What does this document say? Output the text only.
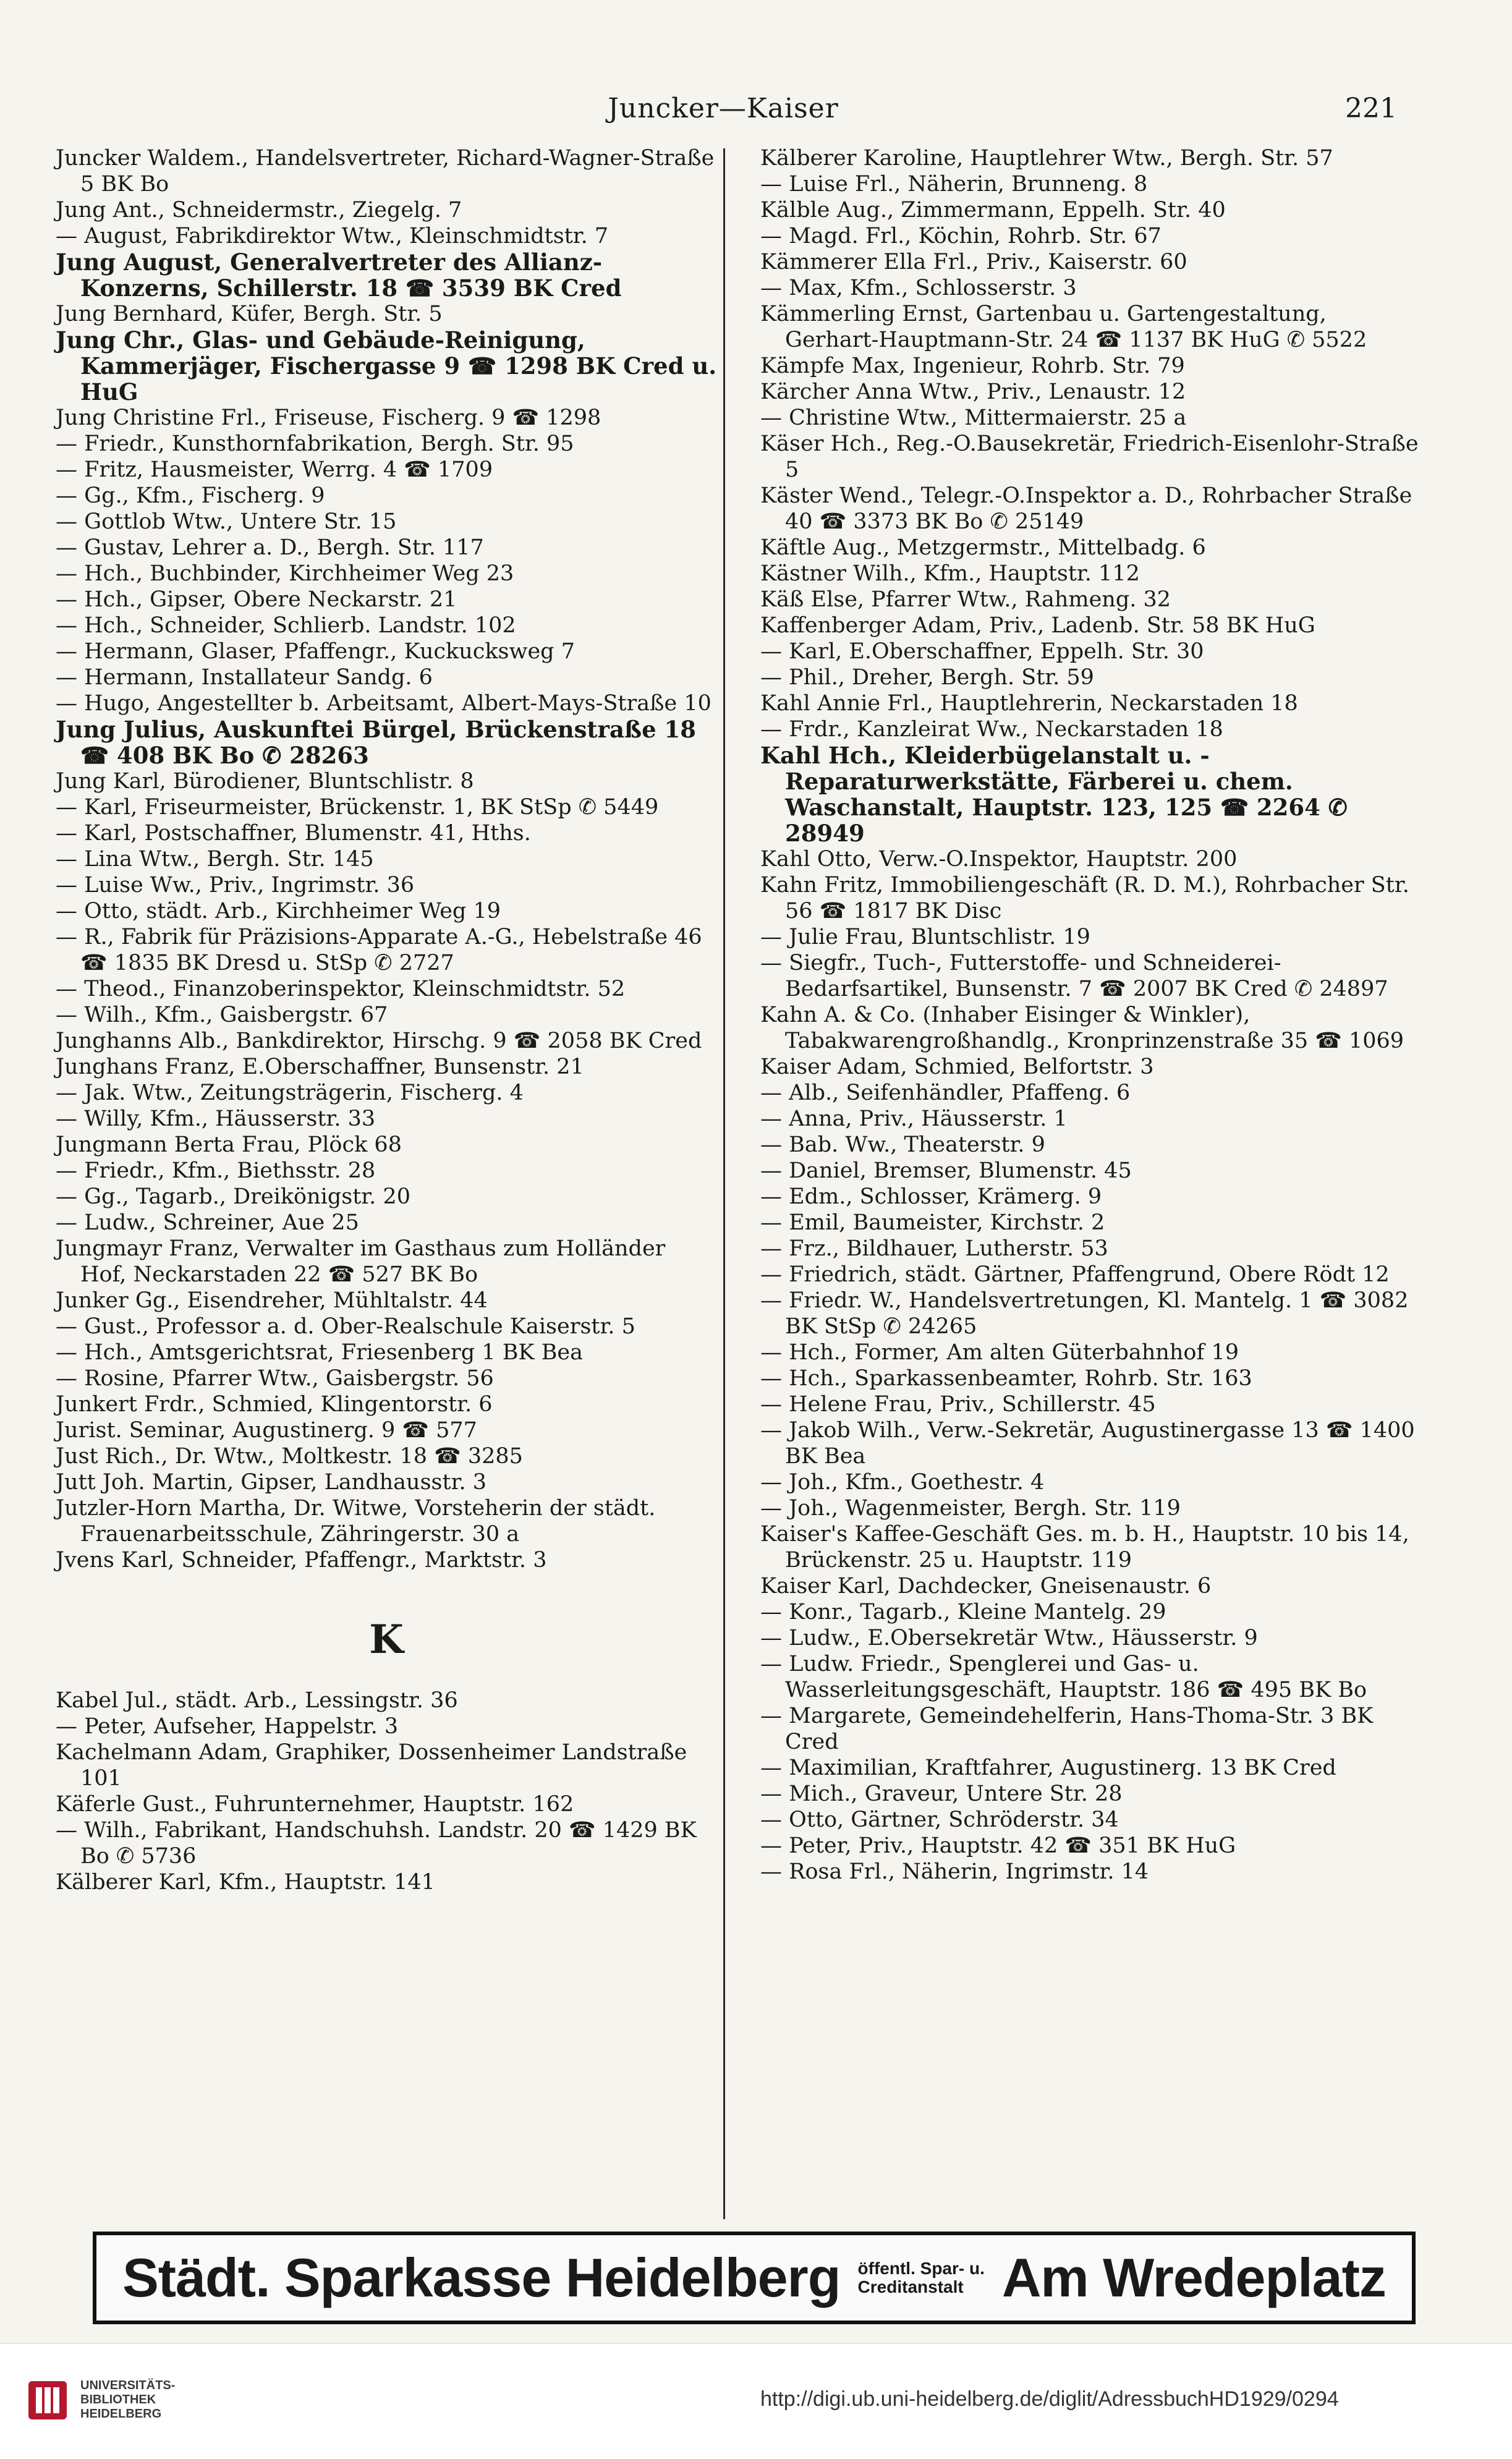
Juncker—Kaiser	221

Juncker Waldem., Handelsvertreter, Richard-Wagner-Straße 5 BK Bo

Jung Ant., Schneidermstr., Ziegelg. 7

— August, Fabrikdirektor Wtw., Kleinschmidtstr. 7

Jung August, Generalvertreter des Allianz-Konzerns, Schillerstr. 18 ☎ 3539 BK Cred

Jung Bernhard, Küfer, Bergh. Str. 5

Jung Chr., Glas- und Gebäude-Reinigung, Kammerjäger, Fischergasse 9 ☎ 1298 BK Cred u. HuG

Jung Christine Frl., Friseuse, Fischerg. 9 ☎ 1298

— Friedr., Kunsthornfabrikation, Bergh. Str. 95

— Fritz, Hausmeister, Werrg. 4 ☎ 1709

— Gg., Kfm., Fischerg. 9

— Gottlob Wtw., Untere Str. 15

— Gustav, Lehrer a. D., Bergh. Str. 117

— Hch., Buchbinder, Kirchheimer Weg 23

— Hch., Gipser, Obere Neckarstr. 21

— Hch., Schneider, Schlierb. Landstr. 102

— Hermann, Glaser, Pfaffengr., Kuckucksweg 7

— Hermann, Installateur Sandg. 6

— Hugo, Angestellter b. Arbeitsamt, Albert-Mays-Straße 10

Jung Julius, Auskunftei Bürgel, Brückenstraße 18 ☎ 408 BK Bo ✆ 28263

Jung Karl, Bürodiener, Bluntschlistr. 8

— Karl, Friseurmeister, Brückenstr. 1, BK StSp ✆ 5449

— Karl, Postschaffner, Blumenstr. 41, Hths.

— Lina Wtw., Bergh. Str. 145

— Luise Ww., Priv., Ingrimstr. 36

— Otto, städt. Arb., Kirchheimer Weg 19

— R., Fabrik für Präzisions-Apparate A.-G., Hebelstraße 46 ☎ 1835 BK Dresd u. StSp ✆ 2727

— Theod., Finanzoberinspektor, Kleinschmidtstr. 52

— Wilh., Kfm., Gaisbergstr. 67

Junghanns Alb., Bankdirektor, Hirschg. 9 ☎ 2058 BK Cred

Junghans Franz, E.Oberschaffner, Bunsenstr. 21

— Jak. Wtw., Zeitungsträgerin, Fischerg. 4

— Willy, Kfm., Häusserstr. 33

Jungmann Berta Frau, Plöck 68

— Friedr., Kfm., Biethsstr. 28

— Gg., Tagarb., Dreikönigstr. 20

— Ludw., Schreiner, Aue 25

Jungmayr Franz, Verwalter im Gasthaus zum Holländer Hof, Neckarstaden 22 ☎ 527 BK Bo

Junker Gg., Eisendreher, Mühltalstr. 44

— Gust., Professor a. d. Ober-Realschule Kaiserstr. 5

— Hch., Amtsgerichtsrat, Friesenberg 1 BK Bea

— Rosine, Pfarrer Wtw., Gaisbergstr. 56

Junkert Frdr., Schmied, Klingentorstr. 6

Jurist. Seminar, Augustinerg. 9 ☎ 577

Just Rich., Dr. Wtw., Moltkestr. 18 ☎ 3285

Jutt Joh. Martin, Gipser, Landhausstr. 3

Jutzler-Horn Martha, Dr. Witwe, Vorsteherin der städt. Frauenarbeitsschule, Zähringerstr. 30 a

Jvens Karl, Schneider, Pfaffengr., Marktstr. 3

K

Kabel Jul., städt. Arb., Lessingstr. 36

— Peter, Aufseher, Happelstr. 3

Kachelmann Adam, Graphiker, Dossenheimer Landstraße 101

Käferle Gust., Fuhrunternehmer, Hauptstr. 162

— Wilh., Fabrikant, Handschuhsh. Landstr. 20 ☎ 1429 BK Bo ✆ 5736

Kälberer Karl, Kfm., Hauptstr. 141

Kälberer Karoline, Hauptlehrer Wtw., Bergh. Str. 57

— Luise Frl., Näherin, Brunneng. 8

Kälble Aug., Zimmermann, Eppelh. Str. 40

— Magd. Frl., Köchin, Rohrb. Str. 67

Kämmerer Ella Frl., Priv., Kaiserstr. 60

— Max, Kfm., Schlosserstr. 3

Kämmerling Ernst, Gartenbau u. Gartengestaltung, Gerhart-Hauptmann-Str. 24 ☎ 1137 BK HuG ✆ 5522

Kämpfe Max, Ingenieur, Rohrb. Str. 79

Kärcher Anna Wtw., Priv., Lenaustr. 12

— Christine Wtw., Mittermaierstr. 25 a

Käser Hch., Reg.-O.Bausekretär, Friedrich-Eisenlohr-Straße 5

Käster Wend., Telegr.-O.Inspektor a. D., Rohrbacher Straße 40 ☎ 3373 BK Bo ✆ 25149

Käftle Aug., Metzgermstr., Mittelbadg. 6

Kästner Wilh., Kfm., Hauptstr. 112

Käß Else, Pfarrer Wtw., Rahmeng. 32

Kaffenberger Adam, Priv., Ladenb. Str. 58 BK HuG

— Karl, E.Oberschaffner, Eppelh. Str. 30

— Phil., Dreher, Bergh. Str. 59

Kahl Annie Frl., Hauptlehrerin, Neckarstaden 18

— Frdr., Kanzleirat Ww., Neckarstaden 18

Kahl Hch., Kleiderbügelanstalt u. -Reparaturwerkstätte, Färberei u. chem. Waschanstalt, Hauptstr. 123, 125 ☎ 2264 ✆ 28949

Kahl Otto, Verw.-O.Inspektor, Hauptstr. 200

Kahn Fritz, Immobiliengeschäft (R. D. M.), Rohrbacher Str. 56 ☎ 1817 BK Disc

— Julie Frau, Bluntschlistr. 19

— Siegfr., Tuch-, Futterstoffe- und Schneiderei-Bedarfsartikel, Bunsenstr. 7 ☎ 2007 BK Cred ✆ 24897

Kahn A. & Co. (Inhaber Eisinger & Winkler), Tabakwarengroßhandlg., Kronprinzenstraße 35 ☎ 1069

Kaiser Adam, Schmied, Belfortstr. 3

— Alb., Seifenhändler, Pfaffeng. 6

— Anna, Priv., Häusserstr. 1

— Bab. Ww., Theaterstr. 9

— Daniel, Bremser, Blumenstr. 45

— Edm., Schlosser, Krämerg. 9

— Emil, Baumeister, Kirchstr. 2

— Frz., Bildhauer, Lutherstr. 53

— Friedrich, städt. Gärtner, Pfaffengrund, Obere Rödt 12

— Friedr. W., Handelsvertretungen, Kl. Mantelg. 1 ☎ 3082 BK StSp ✆ 24265

— Hch., Former, Am alten Güterbahnhof 19

— Hch., Sparkassenbeamter, Rohrb. Str. 163

— Helene Frau, Priv., Schillerstr. 45

— Jakob Wilh., Verw.-Sekretär, Augustinergasse 13 ☎ 1400 BK Bea

— Joh., Kfm., Goethestr. 4

— Joh., Wagenmeister, Bergh. Str. 119

Kaiser's Kaffee-Geschäft Ges. m. b. H., Hauptstr. 10 bis 14, Brückenstr. 25 u. Hauptstr. 119

Kaiser Karl, Dachdecker, Gneisenaustr. 6

— Konr., Tagarb., Kleine Mantelg. 29

— Ludw., E.Obersekretär Wtw., Häusserstr. 9

— Ludw. Friedr., Spenglerei und Gas- u. Wasserleitungsgeschäft, Hauptstr. 186 ☎ 495 BK Bo

— Margarete, Gemeindehelferin, Hans-Thoma-Str. 3 BK Cred

— Maximilian, Kraftfahrer, Augustinerg. 13 BK Cred

— Mich., Graveur, Untere Str. 28

— Otto, Gärtner, Schröderstr. 34

— Peter, Priv., Hauptstr. 42 ☎ 351 BK HuG

— Rosa Frl., Näherin, Ingrimstr. 14

Städt. Sparkasse Heidelberg öffentl. Spar- u.
Creditanstalt Am Wredeplatz
UNIVERSITÄTS-
BIBLIOTHEK
HEIDELBERG
http://digi.ub.uni-heidelberg.de/diglit/AdressbuchHD1929/0294
